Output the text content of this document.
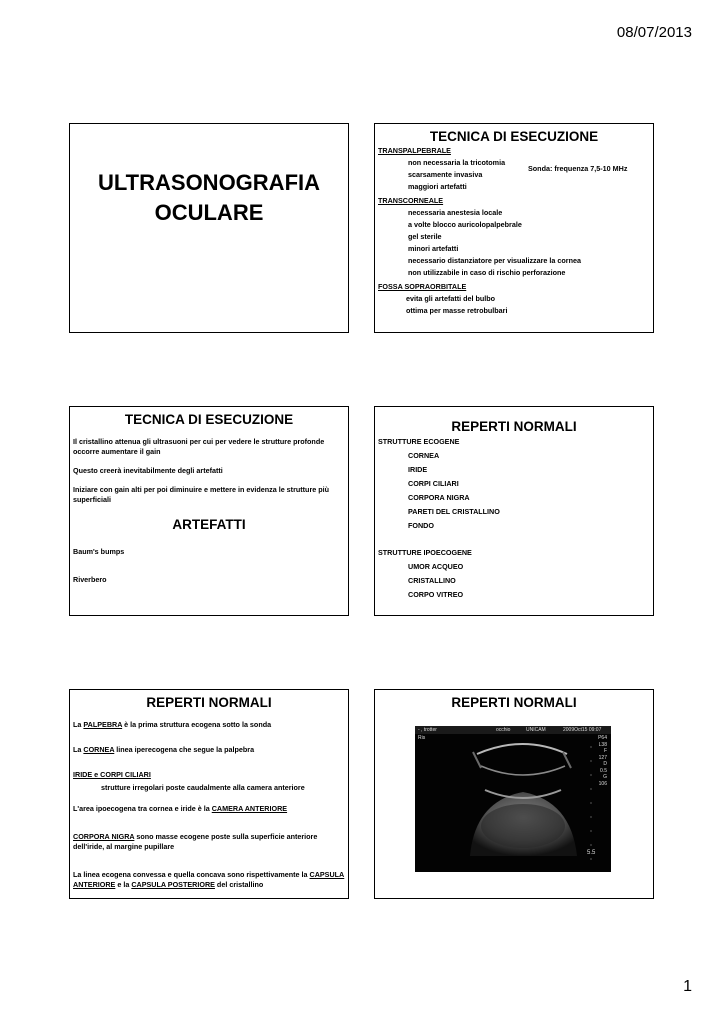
08/07/2013
ULTRASONOGRAFIA
OCULARE

TECNICA DI ESECUZIONE

TRANSPALPEBRALE

non necessaria la tricotomia

scarsamente invasiva

maggiori artefatti

Sonda: frequenza 7,5-10 MHz

TRANSCORNEALE

necessaria anestesia locale

a volte blocco auricolopalpebrale

gel sterile

minori artefatti

necessario distanziatore per visualizzare la cornea

non utilizzabile in caso di rischio perforazione

FOSSA SOPRAORBITALE

evita gli artefatti del bulbo

ottima per masse retrobulbari

TECNICA DI ESECUZIONE

Il cristallino attenua gli ultrasuoni per cui per vedere le strutture profonde occorre aumentare il gain

Questo creerà inevitabilmente degli artefatti

Iniziare con gain alti per poi diminuire e mettere in evidenza le strutture più superficiali

ARTEFATTI

Baum's bumps

Riverbero

REPERTI NORMALI

STRUTTURE ECOGENE

CORNEA

IRIDE

CORPI CILIARI

CORPORA NIGRA

PARETI DEL CRISTALLINO

FONDO

STRUTTURE IPOECOGENE

UMOR ACQUEO

CRISTALLINO

CORPO VITREO

REPERTI NORMALI

La PALPEBRA è la prima struttura ecogena sotto la sonda

La CORNEA linea iperecogena che segue la palpebra

IRIDE e CORPI CILIARI

strutture irregolari poste caudalmente alla camera anteriore

L'area ipoecogena tra cornea e iride è la CAMERA ANTERIORE

CORPORA NIGRA sono masse ecogene poste sulla superficie anteriore dell'iride, al margine pupillare

La linea ecogena convessa e quella concava sono rispettivamente la CAPSULA ANTERIORE e la CAPSULA POSTERIORE del cristallino

REPERTI NORMALI

- , trotter	occhio	UNICAM	2009Oct15 09:07
Ris	P64
L38
F
127
D
0.5
G
106
5.5
1
